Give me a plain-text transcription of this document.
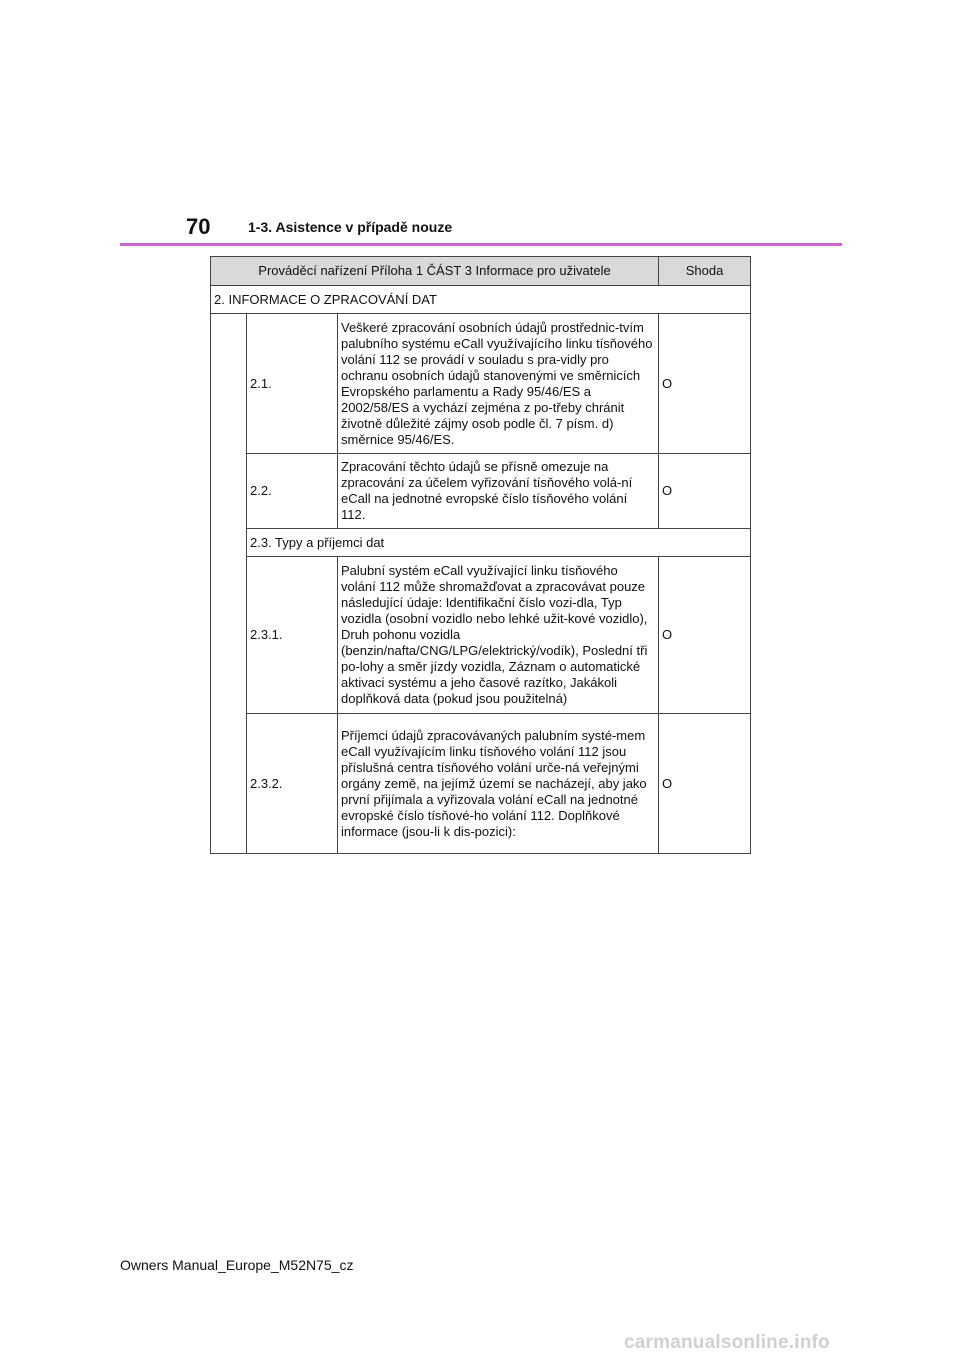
70	1-3. Asistence v případě nouze
Prováděcí nařízení Příloha 1 ČÁST 3 Informace pro uživatele			Shoda
2. INFORMACE O ZPRACOVÁNÍ DAT			
	2.1.	Veškeré zpracování osobních údajů prostřednic-tvím palubního systému eCall využívajícího linku tísňového volání 112 se provádí v souladu s pra-vidly pro ochranu osobních údajů stanovenými ve směrnicích Evropského parlamentu a Rady 95/46/ES a 2002/58/ES a vychází zejména z po-třeby chránit životně důležité zájmy osob podle čl. 7 písm. d) směrnice 95/46/ES.	O
	2.2.	Zpracování těchto údajů se přísně omezuje na zpracování za účelem vyřizování tísňového volá-ní eCall na jednotné evropské číslo tísňového volání 112.	O
	2.3. Typy a příjemci dat		
	2.3.1.	Palubní systém eCall využívající linku tísňového volání 112 může shromažďovat a zpracovávat pouze následující údaje: Identifikační číslo vozi-dla, Typ vozidla (osobní vozidlo nebo lehké užit-kové vozidlo), Druh pohonu vozidla (benzin/nafta/CNG/LPG/elektrický/vodík), Poslední tři po-lohy a směr jízdy vozidla, Záznam o automatické aktivaci systému a jeho časové razítko, Jakákoli doplňková data (pokud jsou použitelná)	O
	2.3.2.	Příjemci údajů zpracovávaných palubním systé-mem eCall využívajícím linku tísňového volání 112 jsou příslušná centra tísňového volání urče-ná veřejnými orgány země, na jejímž území se nacházejí, aby jako první přijímala a vyřizovala volání eCall na jednotné evropské číslo tísňové-ho volání 112. Doplňkové informace (jsou-li k dis-pozici):	O
Owners Manual_Europe_M52N75_cz
carmanualsonline.info
